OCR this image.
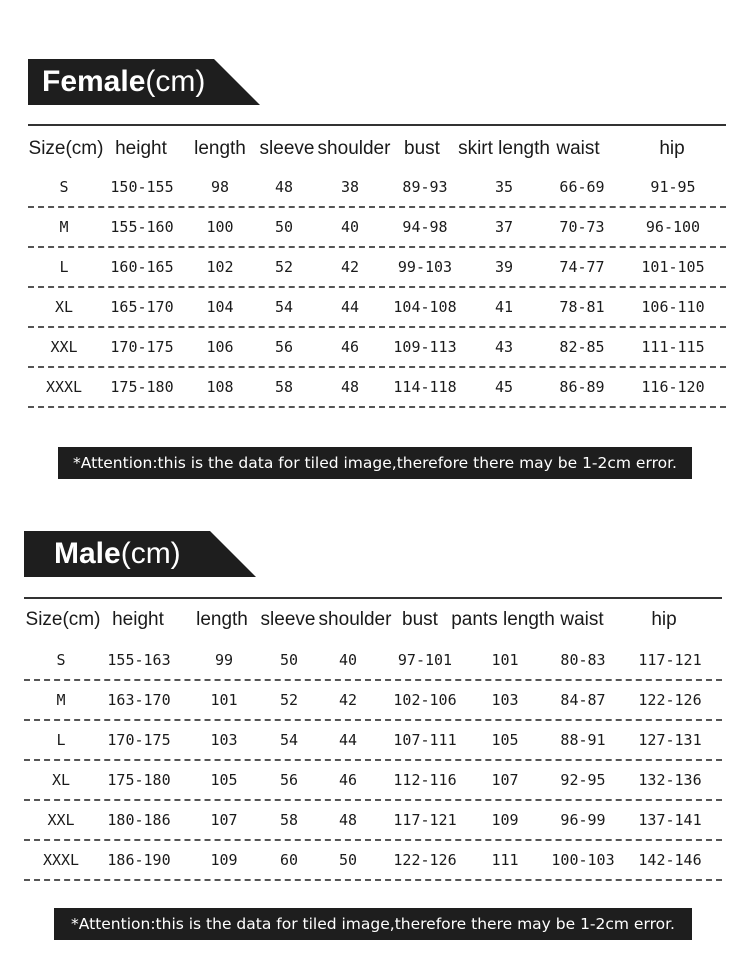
Female(cm)
Size(cm) height length sleeve shoulder bust skirt length waist	hip
S	150-155 98	48	38	89-93	35	66-69	91-95
M	155-160 100	50	40	94-98	37	70-73	96-100
L	160-165 102	52	42	99-103	39	74-77 101-105
XL 165-170 104	54	44 104-108	41	78-81 106-110
XXL 170-175 106	56	46 109-113	43	82-85 111-115
XXXL 175-180 108	58	48 114-118	45	86-89 116-120
*Attention:this is the data for tiled image,therefore there may be 1-2cm error.
Male(cm)
Size(cm) height length sleeve shoulder bust pants length waist	hip
S	155-163	99	50	40	97-101	101	80-83 117-121
M	163-170	101	52	42 102-106 103	84-87 122-126
L	170-175	103	54	44 107-111 105	88-91 127-131
XL 175-180	105	56	46 112-116 107	92-95 132-136
XXL 180-186	107	58	48 117-121 109	96-99 137-141
XXXL 186-190	109	60	50 122-126 111 100-103 142-146
*Attention:this is the data for tiled image,therefore there may be 1-2cm error.
